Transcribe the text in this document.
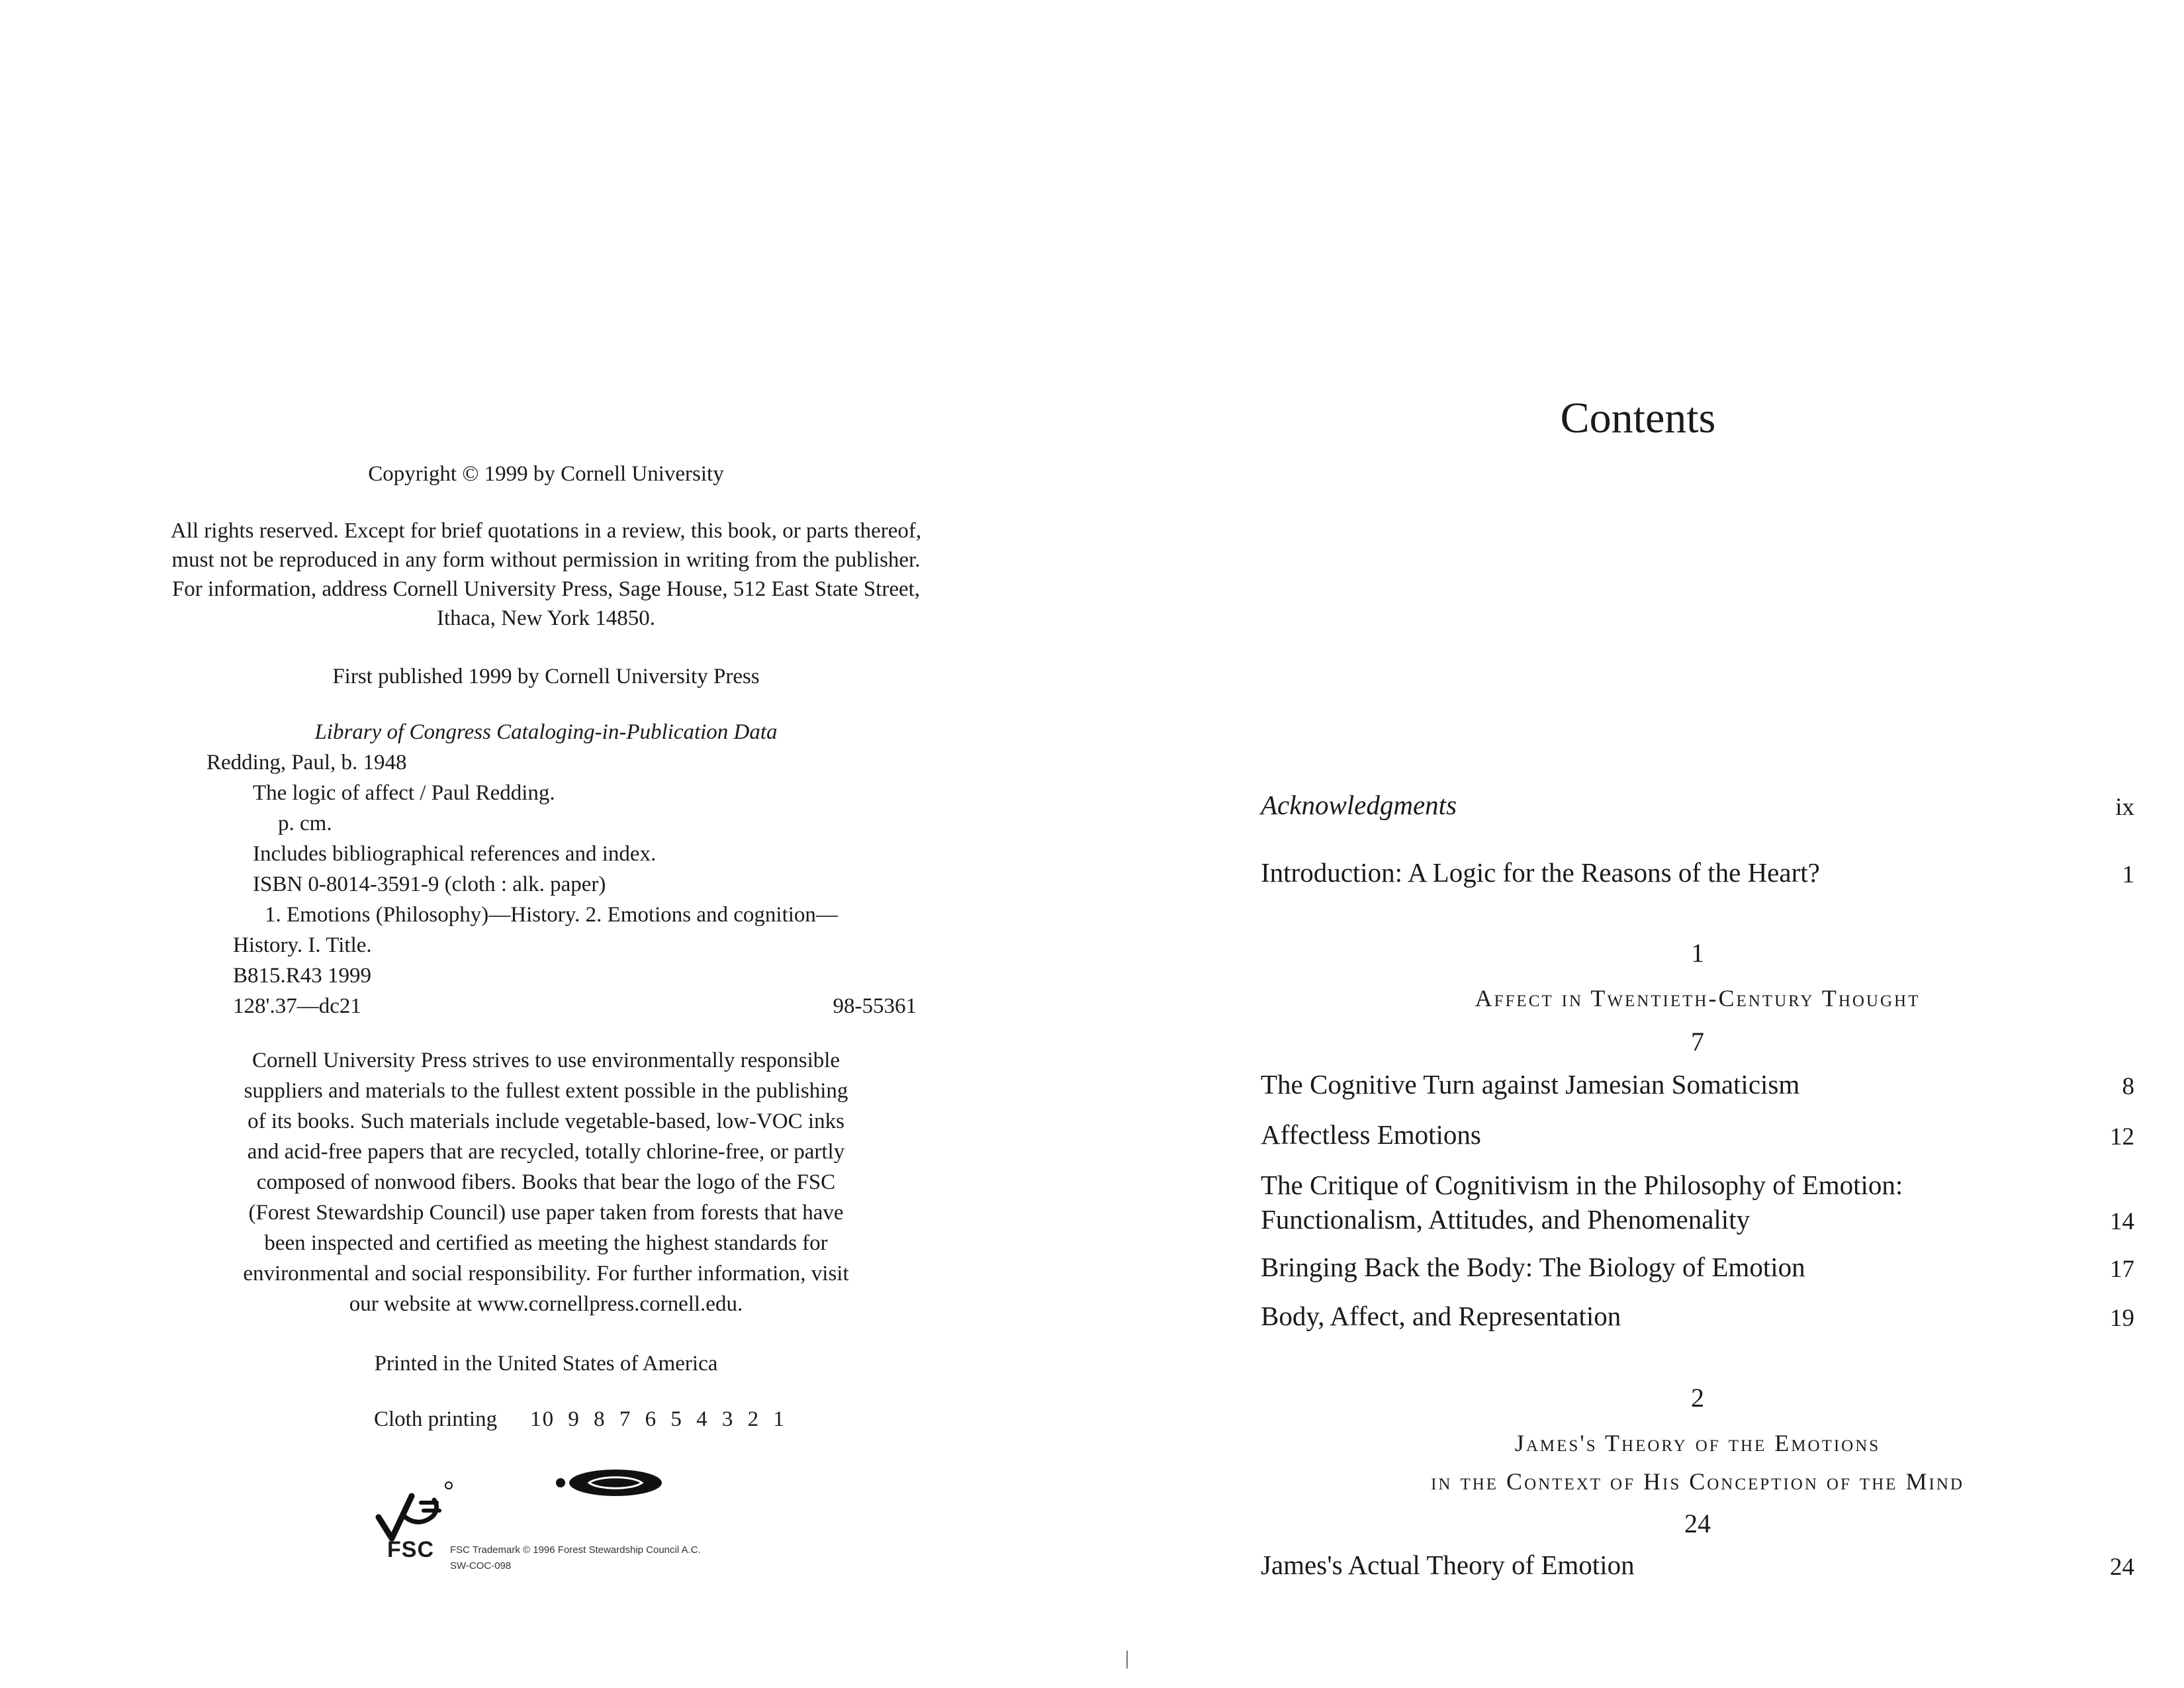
Copyright © 1999 by Cornell University
All rights reserved. Except for brief quotations in a review, this book, or parts thereof,
must not be reproduced in any form without permission in writing from the publisher.
For information, address Cornell University Press, Sage House, 512 East State Street,
Ithaca, New York 14850.
First published 1999 by Cornell University Press
Library of Congress Cataloging-in-Publication Data
Redding, Paul, b. 1948
The logic of affect / Paul Redding.
p. cm.
Includes bibliographical references and index.
ISBN 0-8014-3591-9 (cloth : alk. paper)
1. Emotions (Philosophy)—History. 2. Emotions and cognition—
History. I. Title.
B815.R43 1999
128'.37—dc21	98-55361
Cornell University Press strives to use environmentally responsible
suppliers and materials to the fullest extent possible in the publishing
of its books. Such materials include vegetable-based, low-VOC inks
and acid-free papers that are recycled, totally chlorine-free, or partly
composed of nonwood fibers. Books that bear the logo of the FSC
(Forest Stewardship Council) use paper taken from forests that have
been inspected and certified as meeting the highest standards for
environmental and social responsibility. For further information, visit
our website at www.cornellpress.cornell.edu.
Printed in the United States of America
Cloth printing 10 9 8 7 6 5 4 3 2 1
FSC FSC Trademark © 1996 Forest Stewardship Council A.C.
SW-COC-098
Contents
Acknowledgments	ix
Introduction: A Logic for the Reasons of the Heart?	1
1
Affect in Twentieth-Century Thought
7
The Cognitive Turn against Jamesian Somaticism	8
Affectless Emotions	12
The Critique of Cognitivism in the Philosophy of Emotion: Functionalism, Attitudes, and Phenomenality	14
Bringing Back the Body: The Biology of Emotion	17
Body, Affect, and Representation	19
2
James's Theory of the Emotions
in the Context of His Conception of the Mind
24
James's Actual Theory of Emotion	24
|
